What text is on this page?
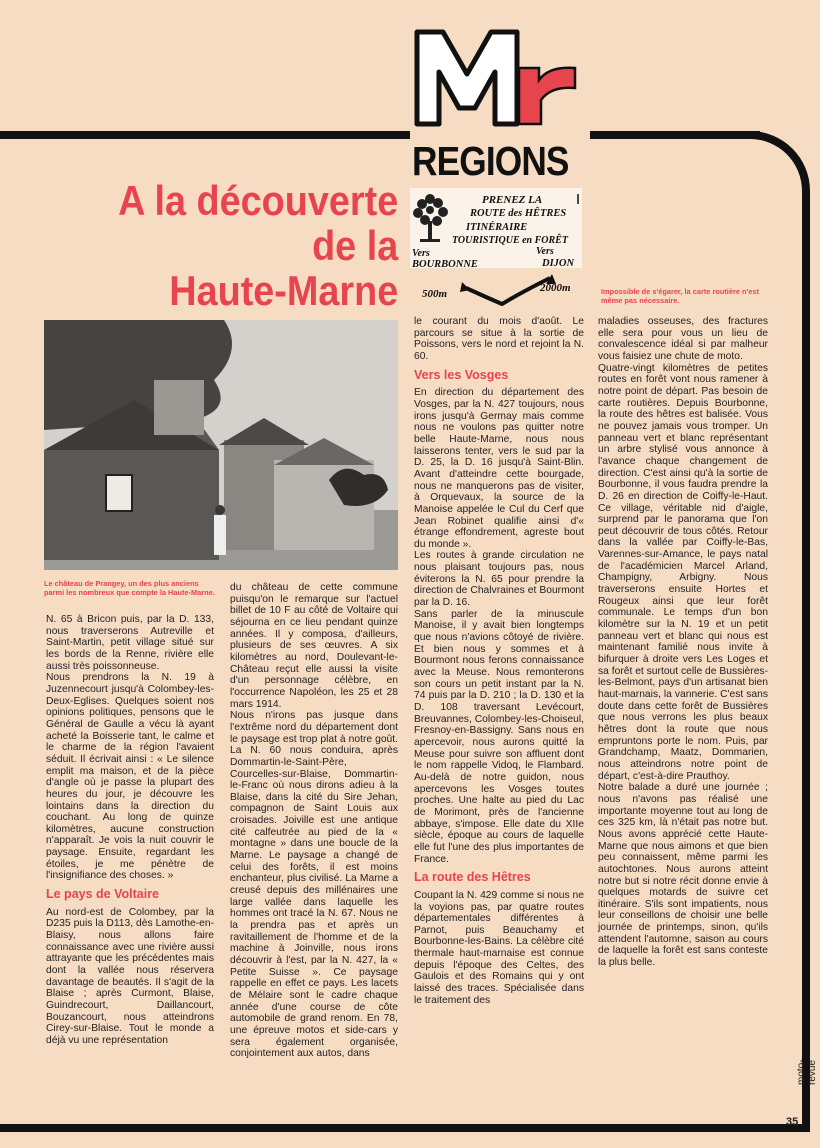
REGIONS
PRENEZ LA
ROUTE des HÊTRES
ITINÉRAIRE
TOURISTIQUE en FORÊT
Vers
BOURBONNE
Vers
DIJON
500m	2000m
A la découverte
de la
Haute-Marne
Le château de Prangey, un des plus anciens parmi les nombreux que compte la Haute-Marne.
Impossible de s'égarer, la carte routière n'est même pas nécessaire.

N. 65 à Bricon puis, par la D. 133, nous traverserons Autreville et Saint-Martin, petit village situé sur les bords de la Renne, rivière elle aussi très poissonneuse.

Nous prendrons la N. 19 à Juzennecourt jusqu'à Colombey-les-Deux-Eglises. Quelques soient nos opinions politiques, pensons que le Général de Gaulle a vécu là ayant acheté la Boisserie tant, le calme et le charme de la région l'avaient séduit. Il écrivait ainsi : « Le silence emplit ma maison, et de la pièce d'angle où je passe la plupart des heures du jour, je découvre les lointains dans la direction du couchant. Au long de quinze kilomètres, aucune construction n'apparaît. Je vois la nuit couvrir le paysage. Ensuite, regardant les étoiles, je me pénètre de l'insignifiance des choses. »

Le pays de Voltaire

Au nord-est de Colombey, par la D235 puis la D113, dès Lamothe-en-Blaisy, nous allons faire connaissance avec une rivière aussi attrayante que les précédentes mais dont la vallée nous réservera davantage de beautés. Il s'agit de la Blaise ; après Curmont, Blaise, Guindrecourt, Daillancourt, Bouzancourt, nous atteindrons Cirey-sur-Blaise. Tout le monde a déjà vu une représentation

du château de cette commune puisqu'on le remarque sur l'actuel billet de 10 F au côté de Voltaire qui séjourna en ce lieu pendant quinze années. Il y composa, d'ailleurs, plusieurs de ses œuvres. A six kilomètres au nord, Doulevant-le-Château reçut elle aussi la visite d'un personnage célèbre, en l'occurrence Napoléon, les 25 et 28 mars 1914.

Nous n'irons pas jusque dans l'extrême nord du département dont le paysage est trop plat à notre goût. La N. 60 nous conduira, après Dommartin-le-Saint-Père, Courcelles-sur-Blaise, Dommartin-le-Franc où nous dirons adieu à la Blaise, dans la cité du Sire Jehan, compagnon de Saint Louis aux croisades. Joiville est une antique cité calfeutrée au pied de la « montagne » dans une boucle de la Marne. Le paysage a changé de celui des forêts, il est moins enchanteur, plus civilisé. La Marne a creusé depuis des millénaires une large vallée dans laquelle les hommes ont tracé la N. 67. Nous ne la prendra pas et après un ravitaillement de l'homme et de la machine à Joinville, nous irons découvrir à l'est, par la N. 427, la « Petite Suisse ». Ce paysage rappelle en effet ce pays. Les lacets de Mélaire sont le cadre chaque année d'une course de côte automobile de grand renom. En 78, une épreuve motos et side-cars y sera également organisée, conjointement aux autos, dans

le courant du mois d'août. Le parcours se situe à la sortie de Poissons, vers le nord et rejoint la N. 60.

Vers les Vosges

En direction du département des Vosges, par la N. 427 toujours, nous irons jusqu'à Germay mais comme nous ne voulons pas quitter notre belle Haute-Marne, nous nous laisserons tenter, vers le sud par la D. 25, la D. 16 jusqu'à Saint-Blin. Avant d'atteindre cette bourgade, nous ne manquerons pas de visiter, à Orquevaux, la source de la Manoise appelée le Cul du Cerf que Jean Robinet qualifie ainsi d'« étrange effondrement, agreste bout du monde ».

Les routes à grande circulation ne nous plaisant toujours pas, nous éviterons la N. 65 pour prendre la direction de Chalvraines et Bourmont par la D. 16.

Sans parler de la minuscule Manoise, il y avait bien longtemps que nous n'avions côtoyé de rivière. Et bien nous y sommes et à Bourmont nous ferons connaissance avec la Meuse. Nous remonterons son cours un petit instant par la N. 74 puis par la D. 210 ; la D. 130 et la D. 108 traversant Levécourt, Breuvannes, Colombey-les-Choiseul, Fresnoy-en-Bassigny. Sans nous en apercevoir, nous aurons quitté la Meuse pour suivre son affluent dont le nom rappelle Vidoq, le Flambard. Au-delà de notre guidon, nous apercevons les Vosges toutes proches. Une halte au pied du Lac de Morimont, près de l'ancienne abbaye, s'impose. Elle date du XIIe siècle, époque au cours de laquelle elle fut l'une des plus importantes de France.

La route des Hêtres

Coupant la N. 429 comme si nous ne la voyions pas, par quatre routes départementales différentes à Parnot, puis Beauchamy et Bourbonne-les-Bains. La célèbre cité thermale haut-marnaise est connue depuis l'époque des Celtes, des Gaulois et des Romains qui y ont laissé des traces. Spécialisée dans le traitement des

maladies osseuses, des fractures elle sera pour vous un lieu de convalescence idéal si par malheur vous faisiez une chute de moto.

Quatre-vingt kilomètres de petites routes en forêt vont nous ramener à notre point de départ. Pas besoin de carte routières. Depuis Bourbonne, la route des hêtres est balisée. Vous ne pouvez jamais vous tromper. Un panneau vert et blanc représentant un arbre stylisé vous annonce à l'avance chaque changement de direction. C'est ainsi qu'à la sortie de Bourbonne, il vous faudra prendre la D. 26 en direction de Coiffy-le-Haut. Ce village, véritable nid d'aigle, surprend par le panorama que l'on peut découvrir de tous côtés. Retour dans la vallée par Coiffy-le-Bas, Varennes-sur-Amance, le pays natal de l'académicien Marcel Arland, Champigny, Arbigny. Nous traverserons ensuite Hortes et Rougeux ainsi que leur forêt communale. Le temps d'un bon kilomètre sur la N. 19 et un petit panneau vert et blanc qui nous est maintenant familié nous invite à bifurquer à droite vers Les Loges et sa forêt et surtout celle de Bussières-les-Belmont, pays d'un artisanat bien haut-marnais, la vannerie. C'est sans doute dans cette forêt de Bussières que nous verrons les plus beaux hêtres dont la route que nous empruntons porte le nom. Puis, par Grandchamp, Maatz, Dommarien, nous atteindrons notre point de départ, c'est-à-dire Prauthoy.

Notre balade a duré une journée ; nous n'avons pas réalisé une importante moyenne tout au long de ces 325 km, là n'était pas notre but. Nous avons apprécié cette Haute-Marne que nous aimons et que bien peu connaissent, même parmi les autochtones. Nous aurons atteint notre but si notre récit donne envie à quelques motards de suivre cet itinéraire. S'ils sont impatients, nous leur conseillons de choisir une belle journée de printemps, sinon, qu'ils attendent l'automne, saison au cours de laquelle la forêt est sans conteste la plus belle.

moto-revue
35
